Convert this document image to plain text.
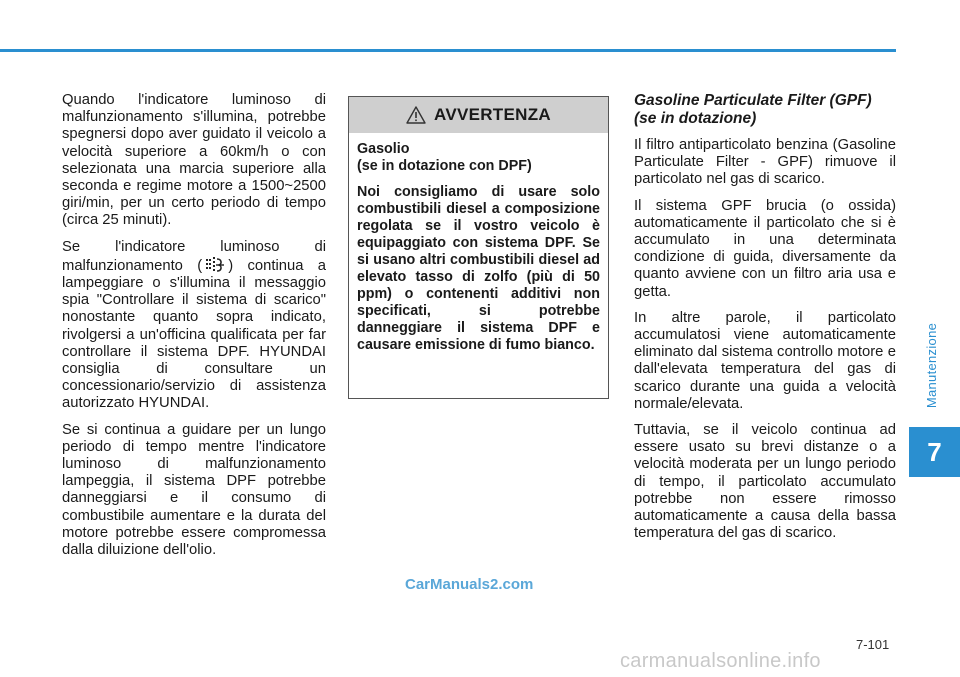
Manutenzione
7

Quando l'indicatore luminoso di malfunzionamento s'illumina, potrebbe spegnersi dopo aver guidato il veicolo a velocità superiore a 60km/h o con selezionata una marcia superiore alla seconda e regime motore a 1500~2500 giri/min, per un certo periodo di tempo (circa 25 minuti).

Se l'indicatore luminoso di malfunzionamento ( ) continua a lampeggiare o s'illumina il messaggio spia "Controllare il sistema di scarico" nonostante quanto sopra indicato, rivolgersi a un'officina qualificata per far controllare il sistema DPF. HYUNDAI consiglia di consultare un concessionario/servizio di assistenza autorizzato HYUNDAI.

Se si continua a guidare per un lungo periodo di tempo mentre l'indicatore luminoso di malfunzionamento lampeggia, il sistema DPF potrebbe danneggiarsi e il consumo di combustibile aumentare e la durata del motore potrebbe essere compromessa dalla diluizione dell'olio.

AVVERTENZA

Gasolio
(se in dotazione con DPF)

Noi consigliamo di usare solo combustibili diesel a composizione regolata se il vostro veicolo è equipaggiato con sistema DPF. Se si usano altri combustibili diesel ad elevato tasso di zolfo (più di 50 ppm) o contenenti additivi non specificati, si potrebbe danneggiare il sistema DPF e causare emissione di fumo bianco.

Gasoline Particulate Filter (GPF)
(se in dotazione)

Il filtro antiparticolato benzina (Gasoline Particulate Filter - GPF) rimuove il particolato nel gas di scarico.

Il sistema GPF brucia (o ossida) automaticamente il particolato che si è accumulato in una determinata condizione di guida, diversamente da quanto avviene con un filtro aria usa e getta.

In altre parole, il particolato accumulatosi viene automaticamente eliminato dal sistema controllo motore e dall'elevata temperatura del gas di scarico durante una guida a velocità normale/elevata.

Tuttavia, se il veicolo continua ad essere usato su brevi distanze o a velocità moderata per un lungo periodo di tempo, il particolato accumulato potrebbe non essere rimosso automaticamente a causa della bassa temperatura del gas di scarico.

CarManuals2.com
7-101
carmanualsonline.info
